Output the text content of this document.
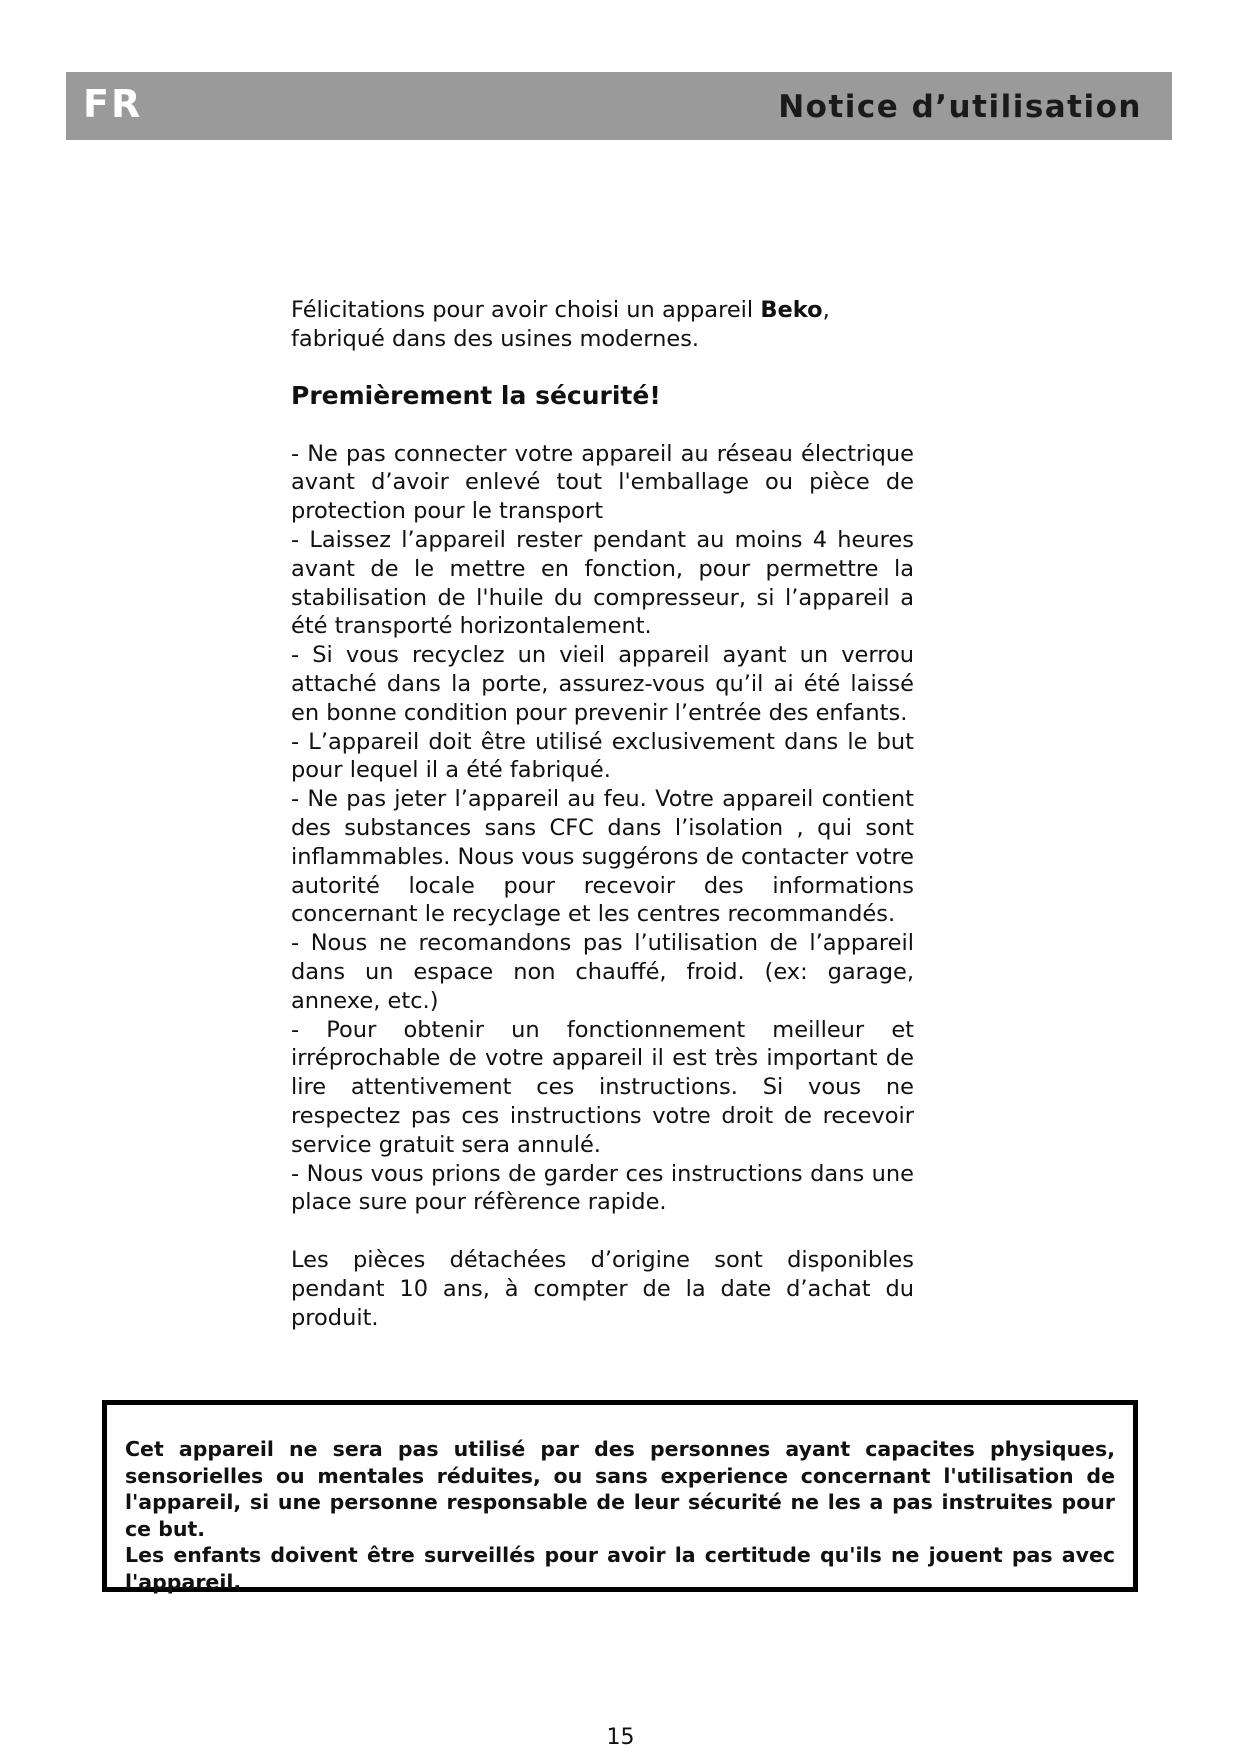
FR	Notice d’utilisation

Félicitations pour avoir choisi un appareil Beko,
fabriqué dans des usines modernes.

Premièrement la sécurité!

- Ne pas connecter votre appareil au réseau électrique avant d’avoir enlevé tout l'emballage ou pièce de protection pour le transport

- Laissez l’appareil rester pendant au moins 4 heures avant de le mettre en fonction, pour permettre la stabilisation de l'huile du compresseur, si l’appareil a été transporté horizontalement.

- Si vous recyclez un vieil appareil ayant un verrou attaché dans la porte, assurez-vous qu’il ai été laissé en bonne condition pour prevenir l’entrée des enfants.

- L’appareil doit être utilisé exclusivement dans le but pour lequel il a été fabriqué.

- Ne pas jeter l’appareil au feu. Votre appareil contient des substances sans CFC dans l’isolation , qui sont inflammables. Nous vous suggérons de contacter votre autorité locale pour recevoir des informations concernant le recyclage et les centres recommandés.

- Nous ne recomandons pas l’utilisation de l’appareil dans un espace non chauffé, froid. (ex: garage, annexe, etc.)

- Pour obtenir un fonctionnement meilleur et irréprochable de votre appareil il est très important de lire attentivement ces instructions. Si vous ne respectez pas ces instructions votre droit de recevoir service gratuit sera annulé.

- Nous vous prions de garder ces instructions dans une place sure pour réfèrence rapide.

Les pièces détachées d’origine sont disponibles pendant 10 ans, à compter de la date d’achat du produit.

Cet appareil ne sera pas utilisé par des personnes ayant capacites physiques, sensorielles ou mentales réduites, ou sans experience concernant l'utilisation de l'appareil, si une personne responsable de leur sécurité ne les a pas instruites pour ce but.

Les enfants doivent être surveillés pour avoir la certitude qu'ils ne jouent pas avec l'appareil.

15
